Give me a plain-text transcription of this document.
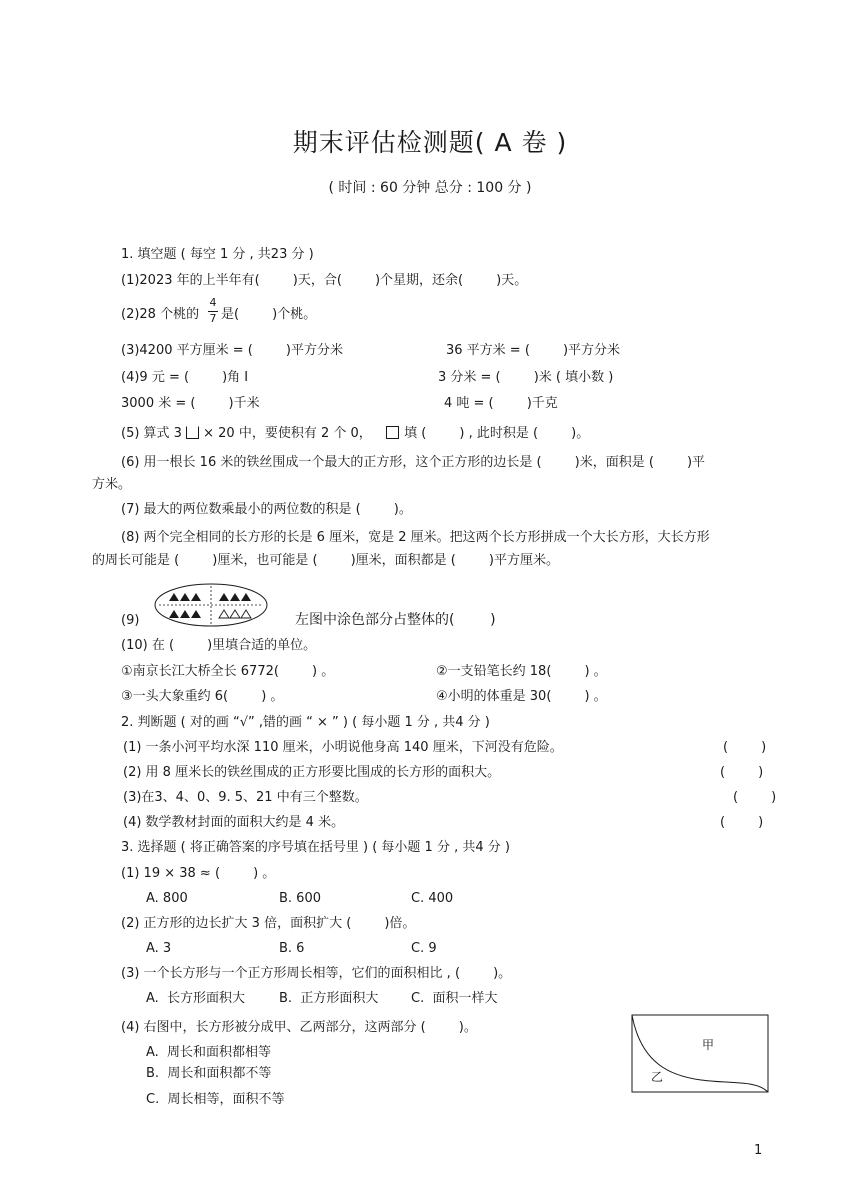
期末评估检测题( A 卷 )
( 时间 : 60 分钟 总分 : 100 分 )
1. 填空题 ( 每空 1 分 , 共23 分 )
(1)2023 年的上半年有(        )天，合(        )个星期，还余(        )天。
(2)28 个桃的
4
7 是(        )个桃。
(3)4200 平方厘米 = (        )平方分米	36 平方米 = (        )平方分米
(4)9 元 = (        )角 I	3 分米 = (        )米 ( 填小数 )
3000 米 = (        )千米	4 吨 = (        )千克
(5) 算式 3 × 20 中，要使积有 2 个 0， 填 (        ) , 此时积是 (        )。
(6) 用一根长 16 米的铁丝围成一个最大的正方形，这个正方形的边长是 (        )米，面积是 (        )平
方米。
(7) 最大的两位数乘最小的两位数的积是 (        )。
(8) 两个完全相同的长方形的长是 6 厘米，宽是 2 厘米。把这两个长方形拼成一个大长方形，大长方形
的周长可能是 (        )厘米，也可能是 (        )厘米，面积都是 (        )平方厘米。
(9)	左图中涂色部分占整体的(        )
(10) 在 (        )里填合适的单位。
①南京长江大桥全长 6772(        ) 。	②一支铅笔长约 18(        ) 。
③一头大象重约 6(        ) 。	④小明的体重是 30(        ) 。
2. 判断题 ( 对的画 “√” ,错的画 “ × ” ) ( 每小题 1 分 , 共4 分 )
(1) 一条小河平均水深 110 厘米，小明说他身高 140 厘米，下河没有危险。	(        )
(2) 用 8 厘米长的铁丝围成的正方形要比围成的长方形的面积大。	(        )
(3)在3、4、0、9. 5、21 中有三个整数。	(        )
(4) 数学教材封面的面积大约是 4 米。	(        )
3. 选择题 ( 将正确答案的序号填在括号里 ) ( 每小题 1 分 , 共4 分 )
(1) 19 × 38 ≈ (        ) 。
A. 800	B. 600	C. 400
(2) 正方形的边长扩大 3 倍，面积扩大 (        )倍。
A. 3	B. 6	C. 9
(3) 一个长方形与一个正方形周长相等，它们的面积相比 , (        )。
A.  长方形面积大	B.  正方形面积大	C.  面积一样大
(4) 右图中，长方形被分成甲、乙两部分，这两部分 (        )。
A.  周长和面积都相等
B.  周长和面积都不等
C.  周长相等，面积不等
甲
乙
1
